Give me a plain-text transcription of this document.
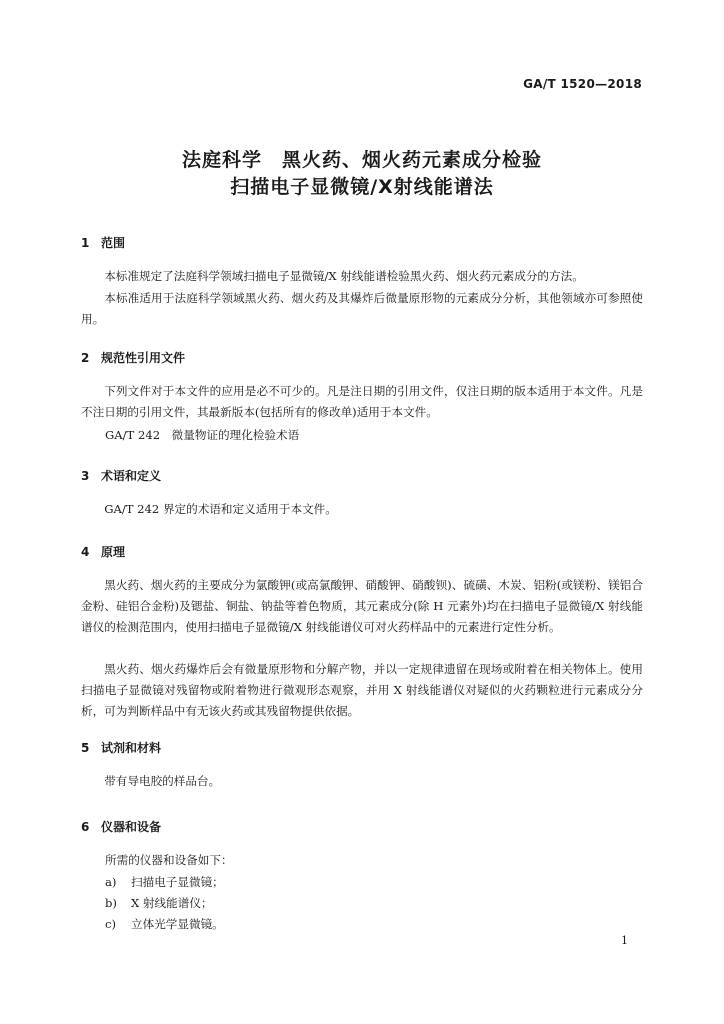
GA/T 1520—2018
法庭科学　黑火药、烟火药元素成分检验
扫描电子显微镜/X射线能谱法
1 范围

本标准规定了法庭科学领域扫描电子显微镜/X 射线能谱检验黑火药、烟火药元素成分的方法。

本标准适用于法庭科学领域黑火药、烟火药及其爆炸后微量原形物的元素成分分析，其他领域亦可参照使用。

2 规范性引用文件

下列文件对于本文件的应用是必不可少的。凡是注日期的引用文件，仅注日期的版本适用于本文件。凡是不注日期的引用文件，其最新版本(包括所有的修改单)适用于本文件。

GA/T 242　微量物证的理化检验术语
3 术语和定义

GA/T 242 界定的术语和定义适用于本文件。

4 原理

黑火药、烟火药的主要成分为氯酸钾(或高氯酸钾、硝酸钾、硝酸钡)、硫磺、木炭、铝粉(或镁粉、镁铝合金粉、硅铝合金粉)及锶盐、铜盐、钠盐等着色物质，其元素成分(除 H 元素外)均在扫描电子显微镜/X 射线能谱仪的检测范围内，使用扫描电子显微镜/X 射线能谱仪可对火药样品中的元素进行定性分析。

黑火药、烟火药爆炸后会有微量原形物和分解产物，并以一定规律遗留在现场或附着在相关物体上。使用扫描电子显微镜对残留物或附着物进行微观形态观察，并用 X 射线能谱仪对疑似的火药颗粒进行元素成分分析，可为判断样品中有无该火药或其残留物提供依据。

5 试剂和材料

带有导电胶的样品台。

6 仪器和设备
所需的仪器和设备如下：
a) 扫描电子显微镜；
b) X 射线能谱仪；
c) 立体光学显微镜。
1
